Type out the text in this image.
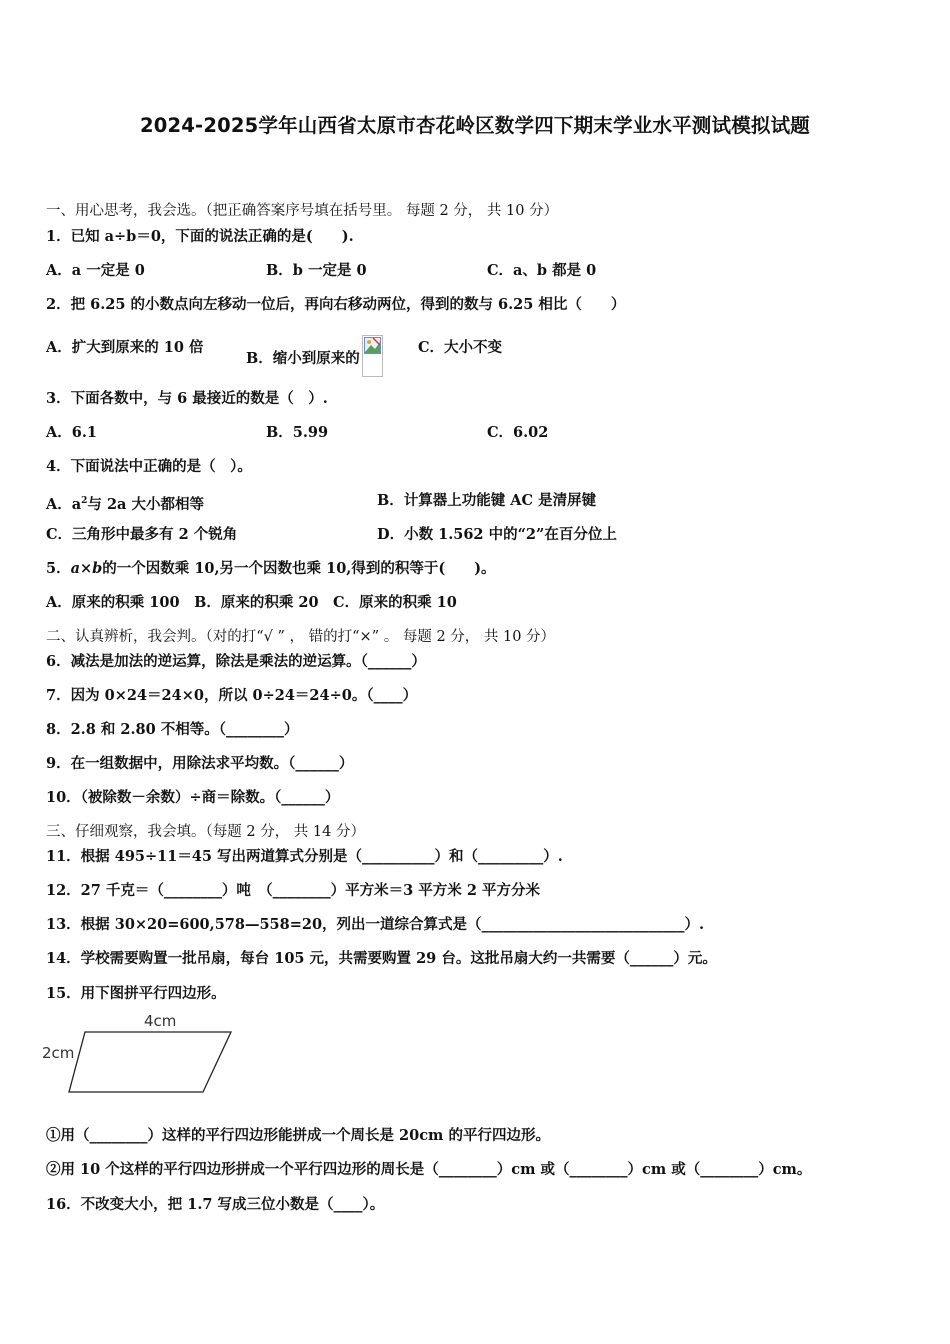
2024-2025学年山西省太原市杏花岭区数学四下期末学业水平测试模拟试题
一、用心思考，我会选。（把正确答案序号填在括号里。 每题 2 分， 共 10 分）
1．已知 a÷b＝0，下面的说法正确的是(　　).
A．a 一定是 0	B．b 一定是 0	C．a、b 都是 0
2．把 6.25 的小数点向左移动一位后，再向右移动两位，得到的数与 6.25 相比（　　）
A．扩大到原来的 10 倍
B．缩小到原来的
C．大小不变
3．下面各数中，与 6 最接近的数是（　）.
A．6.1	B．5.99	C．6.02
4．下面说法中正确的是（　）。
A．$a^2$与 2a 大小都相等	B．计算器上功能键 AC 是清屏键
C．三角形中最多有 2 个锐角	D．小数 1.562 中的“2”在百分位上
5．a×b的一个因数乘 10,另一个因数也乘 10,得到的积等于(　　)。
A．原来的积乘 100　B．原来的积乘 20　C．原来的积乘 10
二、认真辨析，我会判。（对的打“√ ” ， 错的打“×” 。 每题 2 分， 共 10 分）
6．减法是加法的逆运算，除法是乘法的逆运算。（______）
7．因为 0×24＝24×0，所以 0÷24＝24÷0。（____）
8．2.8 和 2.80 不相等。（________）
9．在一组数据中，用除法求平均数。（______）
10．（被除数－余数）÷商＝除数。（______）
三、仔细观察，我会填。（每题 2 分， 共 14 分）
11．根据 495÷11＝45 写出两道算式分别是（__________）和（_________）.
12．27 千克＝（________）吨　（________）平方米＝3 平方米 2 平方分米
13．根据 30×20=600,578—558=20，列出一道综合算式是（____________________________）.
14．学校需要购置一批吊扇，每台 105 元，共需要购置 29 台。这批吊扇大约一共需要（______）元。
15．用下图拼平行四边形。
4cm
2cm
①用（________）这样的平行四边形能拼成一个周长是 20cm 的平行四边形。
②用 10 个这样的平行四边形拼成一个平行四边形的周长是（________）cm 或（________）cm 或（________）cm。
16．不改变大小，把 1.7 写成三位小数是（____）。
